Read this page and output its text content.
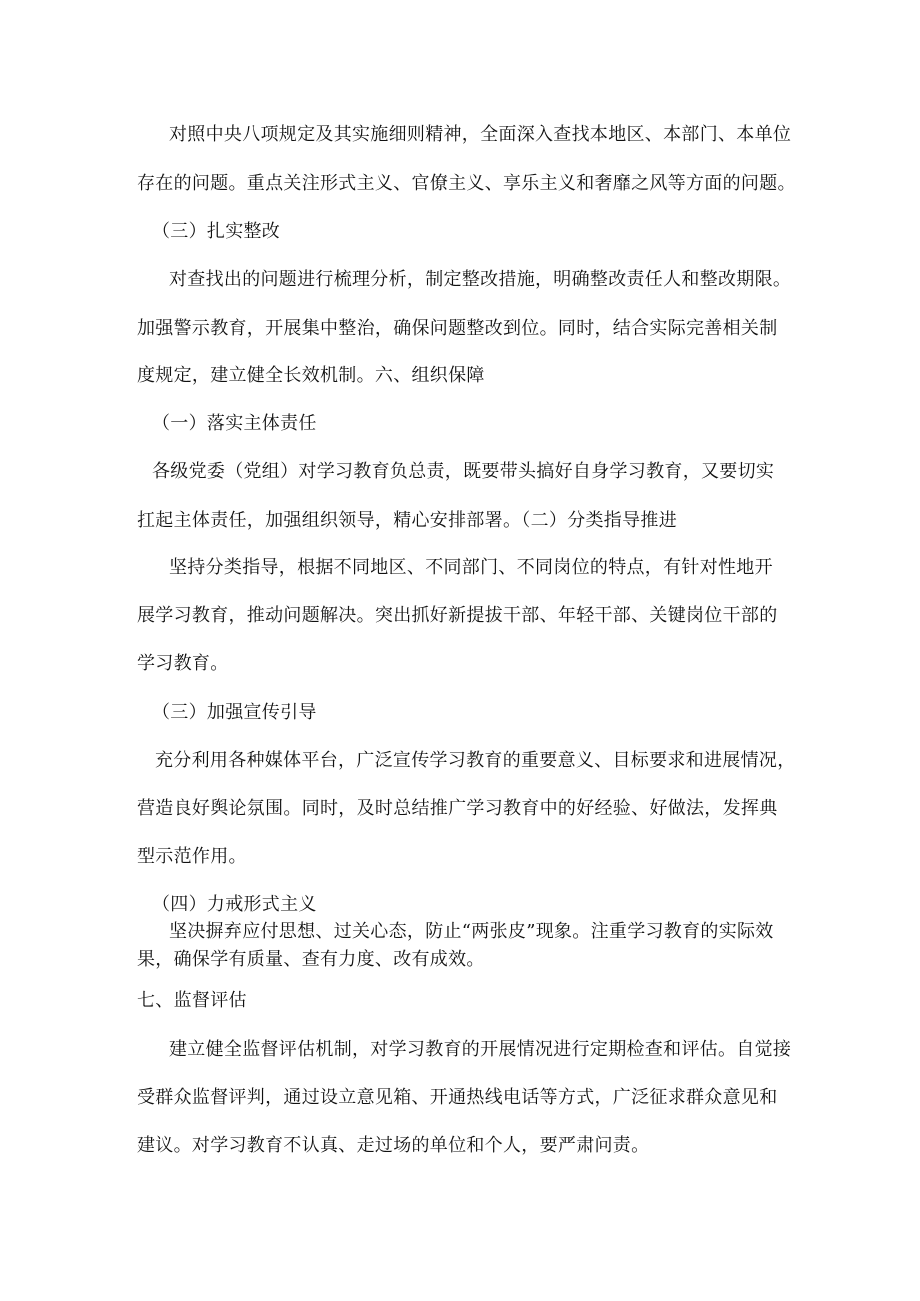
对照中央八项规定及其实施细则精神，全面深入查找本地区、本部门、本单位
存在的问题。重点关注形式主义、官僚主义、享乐主义和奢靡之风等方面的问题。
（三）扎实整改
对查找出的问题进行梳理分析，制定整改措施，明确整改责任人和整改期限。
加强警示教育，开展集中整治，确保问题整改到位。同时，结合实际完善相关制
度规定，建立健全长效机制。六、组织保障
（一）落实主体责任
各级党委（党组）对学习教育负总责，既要带头搞好自身学习教育，又要切实
扛起主体责任，加强组织领导，精心安排部署。（二）分类指导推进
坚持分类指导，根据不同地区、不同部门、不同岗位的特点，有针对性地开
展学习教育，推动问题解决。突出抓好新提拔干部、年轻干部、关键岗位干部的
学习教育。
（三）加强宣传引导
充分利用各种媒体平台，广泛宣传学习教育的重要意义、目标要求和进展情况，
营造良好舆论氛围。同时，及时总结推广学习教育中的好经验、好做法，发挥典
型示范作用。
（四）力戒形式主义
坚决摒弃应付思想、过关心态，防止“两张皮”现象。注重学习教育的实际效
果，确保学有质量、查有力度、改有成效。
七、监督评估
建立健全监督评估机制，对学习教育的开展情况进行定期检查和评估。自觉接
受群众监督评判，通过设立意见箱、开通热线电话等方式，广泛征求群众意见和
建议。对学习教育不认真、走过场的单位和个人，要严肃问责。
